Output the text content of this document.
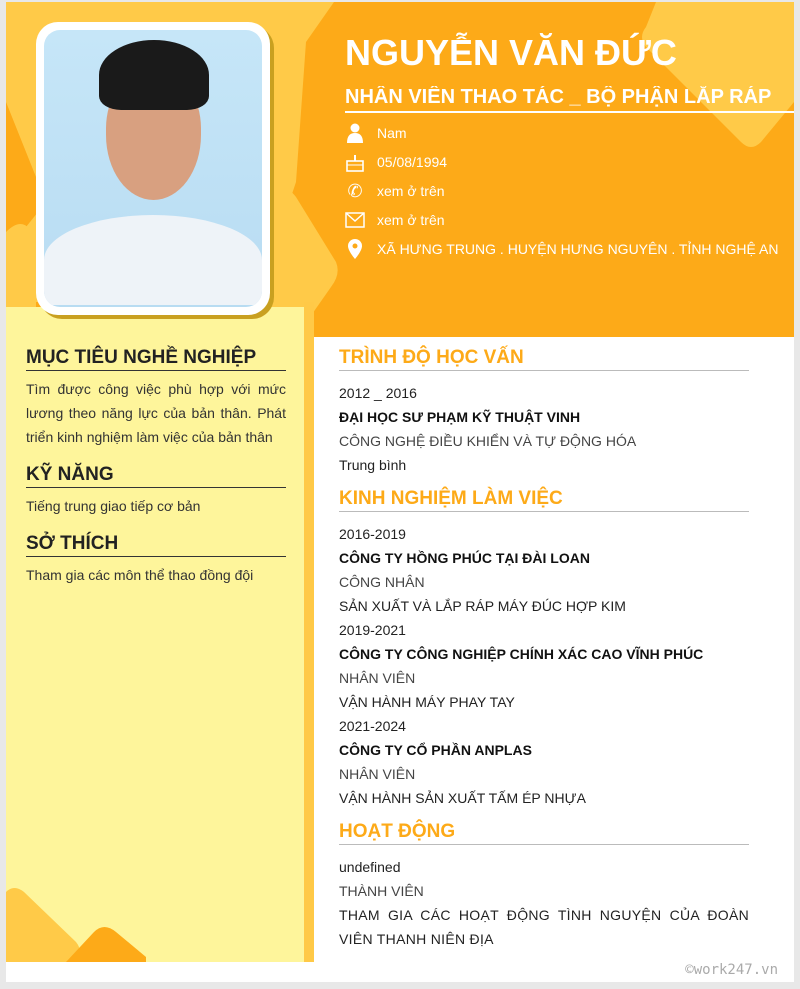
NGUYỄN VĂN ĐỨC
NHÂN VIÊN THAO TÁC _ BỘ PHẬN LẮP RÁP
Nam
05/08/1994
✆ xem ở trên
xem ở trên
XÃ HƯNG TRUNG . HUYỆN HƯNG NGUYÊN . TỈNH NGHỆ AN
MỤC TIÊU NGHỀ NGHIỆP
Tìm được công việc phù hợp với mức lương theo năng lực của bản thân. Phát triển kinh nghiệm làm việc của bản thân
KỸ NĂNG
Tiếng trung giao tiếp cơ bản
SỞ THÍCH
Tham gia các môn thể thao đồng đội
TRÌNH ĐỘ HỌC VẤN
2012 _ 2016
ĐẠI HỌC SƯ PHẠM KỸ THUẬT VINH
CÔNG NGHỆ ĐIỀU KHIỂN VÀ TỰ ĐỘNG HÓA
Trung bình
KINH NGHIỆM LÀM VIỆC
2016-2019
CÔNG TY HỒNG PHÚC TẠI ĐÀI LOAN
CÔNG NHÂN
SẢN XUẤT VÀ LẮP RÁP MÁY ĐÚC HỢP KIM
2019-2021
CÔNG TY CÔNG NGHIỆP CHÍNH XÁC CAO VĨNH PHÚC
NHÂN VIÊN
VẬN HÀNH MÁY PHAY TAY
2021-2024
CÔNG TY CỔ PHẦN ANPLAS
NHÂN VIÊN
VẬN HÀNH SẢN XUẤT TẤM ÉP NHỰA
HOẠT ĐỘNG
undefined
THÀNH VIÊN
THAM GIA CÁC HOẠT ĐỘNG TÌNH NGUYỆN CỦA ĐOÀN VIÊN THANH NIÊN ĐỊA
©work247.vn
